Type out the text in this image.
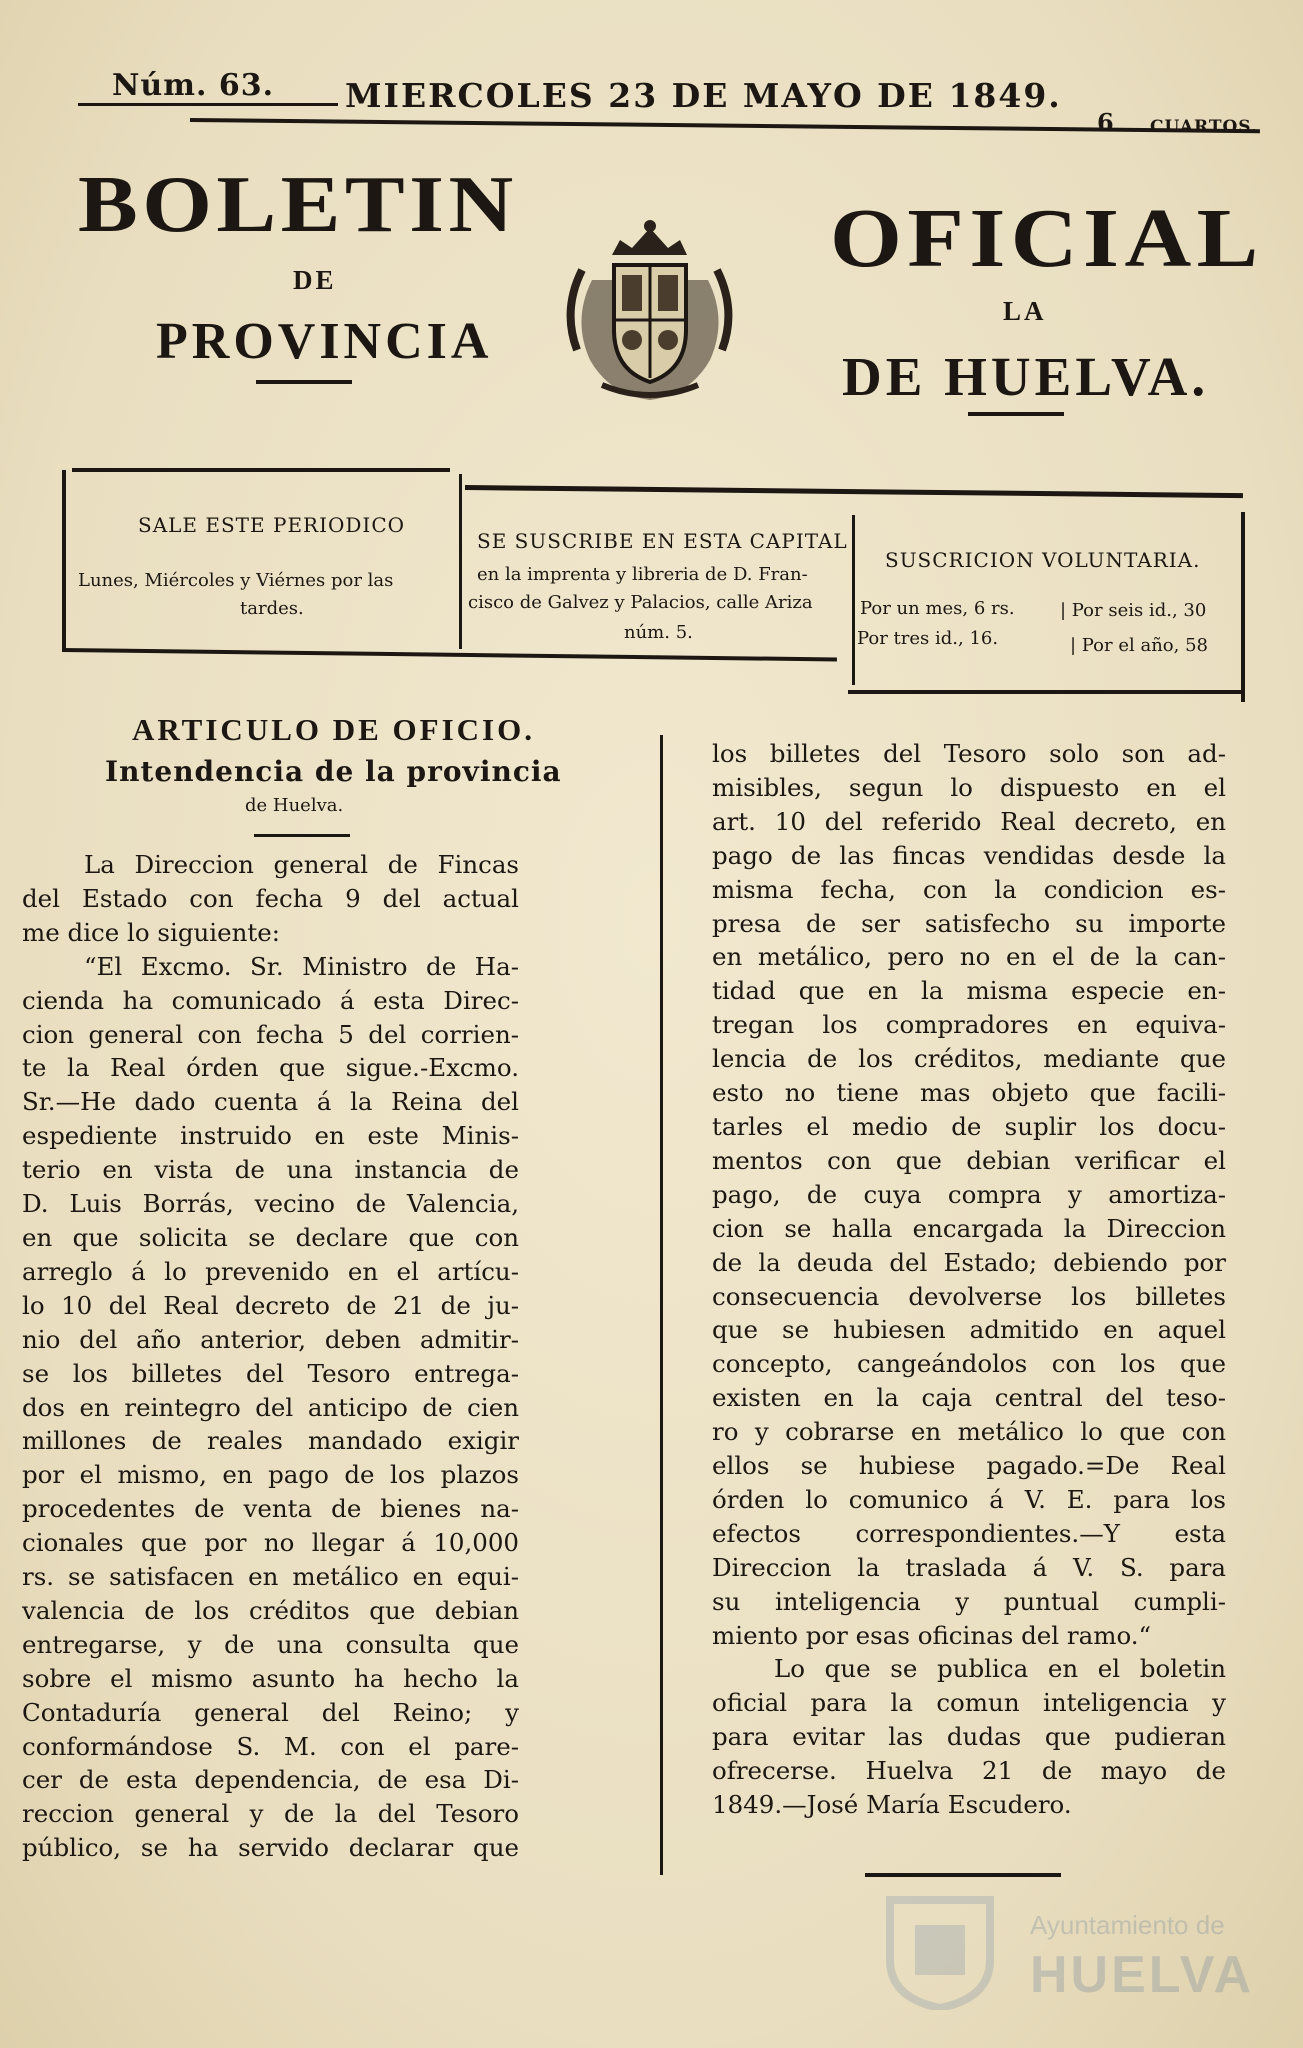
Núm. 63. MIERCOLES 23 DE MAYO DE 1849.
6 CUARTOS.
BOLETIN
DE
PROVINCIA
OFICIAL
LA
DE HUELVA.
SALE ESTE PERIODICO
Lunes, Miércoles y Viérnes por las
tardes.
SE SUSCRIBE EN ESTA CAPITAL
en la imprenta y libreria de D. Fran-
cisco de Galvez y Palacios, calle Ariza
núm. 5.
SUSCRICION VOLUNTARIA.
Por un mes, 6 rs.	| Por seis id., 30
Por tres id., 16.	| Por el año, 58
ARTICULO DE OFICIO.
Intendencia de la provincia
de Huelva.

La Direccion general de Fincas

del Estado con fecha 9 del actual

me dice lo siguiente:

“El Excmo. Sr. Ministro de Ha-

cienda ha comunicado á esta Direc-

cion general con fecha 5 del corrien-

te la Real órden que sigue.-Excmo.

Sr.—He dado cuenta á la Reina del

espediente instruido en este Minis-

terio en vista de una instancia de

D. Luis Borrás, vecino de Valencia,

en que solicita se declare que con

arreglo á lo prevenido en el artícu-

lo 10 del Real decreto de 21 de ju-

nio del año anterior, deben admitir-

se los billetes del Tesoro entrega-

dos en reintegro del anticipo de cien

millones de reales mandado exigir

por el mismo, en pago de los plazos

procedentes de venta de bienes na-

cionales que por no llegar á 10,000

rs. se satisfacen en metálico en equi-

valencia de los créditos que debian

entregarse, y de una consulta que

sobre el mismo asunto ha hecho la

Contaduría general del Reino; y

conformándose S. M. con el pare-

cer de esta dependencia, de esa Di-

reccion general y de la del Tesoro

público, se ha servido declarar que

los billetes del Tesoro solo son ad-

misibles, segun lo dispuesto en el

art. 10 del referido Real decreto, en

pago de las fincas vendidas desde la

misma fecha, con la condicion es-

presa de ser satisfecho su importe

en metálico, pero no en el de la can-

tidad que en la misma especie en-

tregan los compradores en equiva-

lencia de los créditos, mediante que

esto no tiene mas objeto que facili-

tarles el medio de suplir los docu-

mentos con que debian verificar el

pago, de cuya compra y amortiza-

cion se halla encargada la Direccion

de la deuda del Estado; debiendo por

consecuencia devolverse los billetes

que se hubiesen admitido en aquel

concepto, cangeándolos con los que

existen en la caja central del teso-

ro y cobrarse en metálico lo que con

ellos se hubiese pagado.=De Real

órden lo comunico á V. E. para los

efectos correspondientes.—Y esta

Direccion la traslada á V. S. para

su inteligencia y puntual cumpli-

miento por esas oficinas del ramo.“

Lo que se publica en el boletin

oficial para la comun inteligencia y

para evitar las dudas que pudieran

ofrecerse. Huelva 21 de mayo de

1849.—José María Escudero.

Ayuntamiento de
HUELVA
